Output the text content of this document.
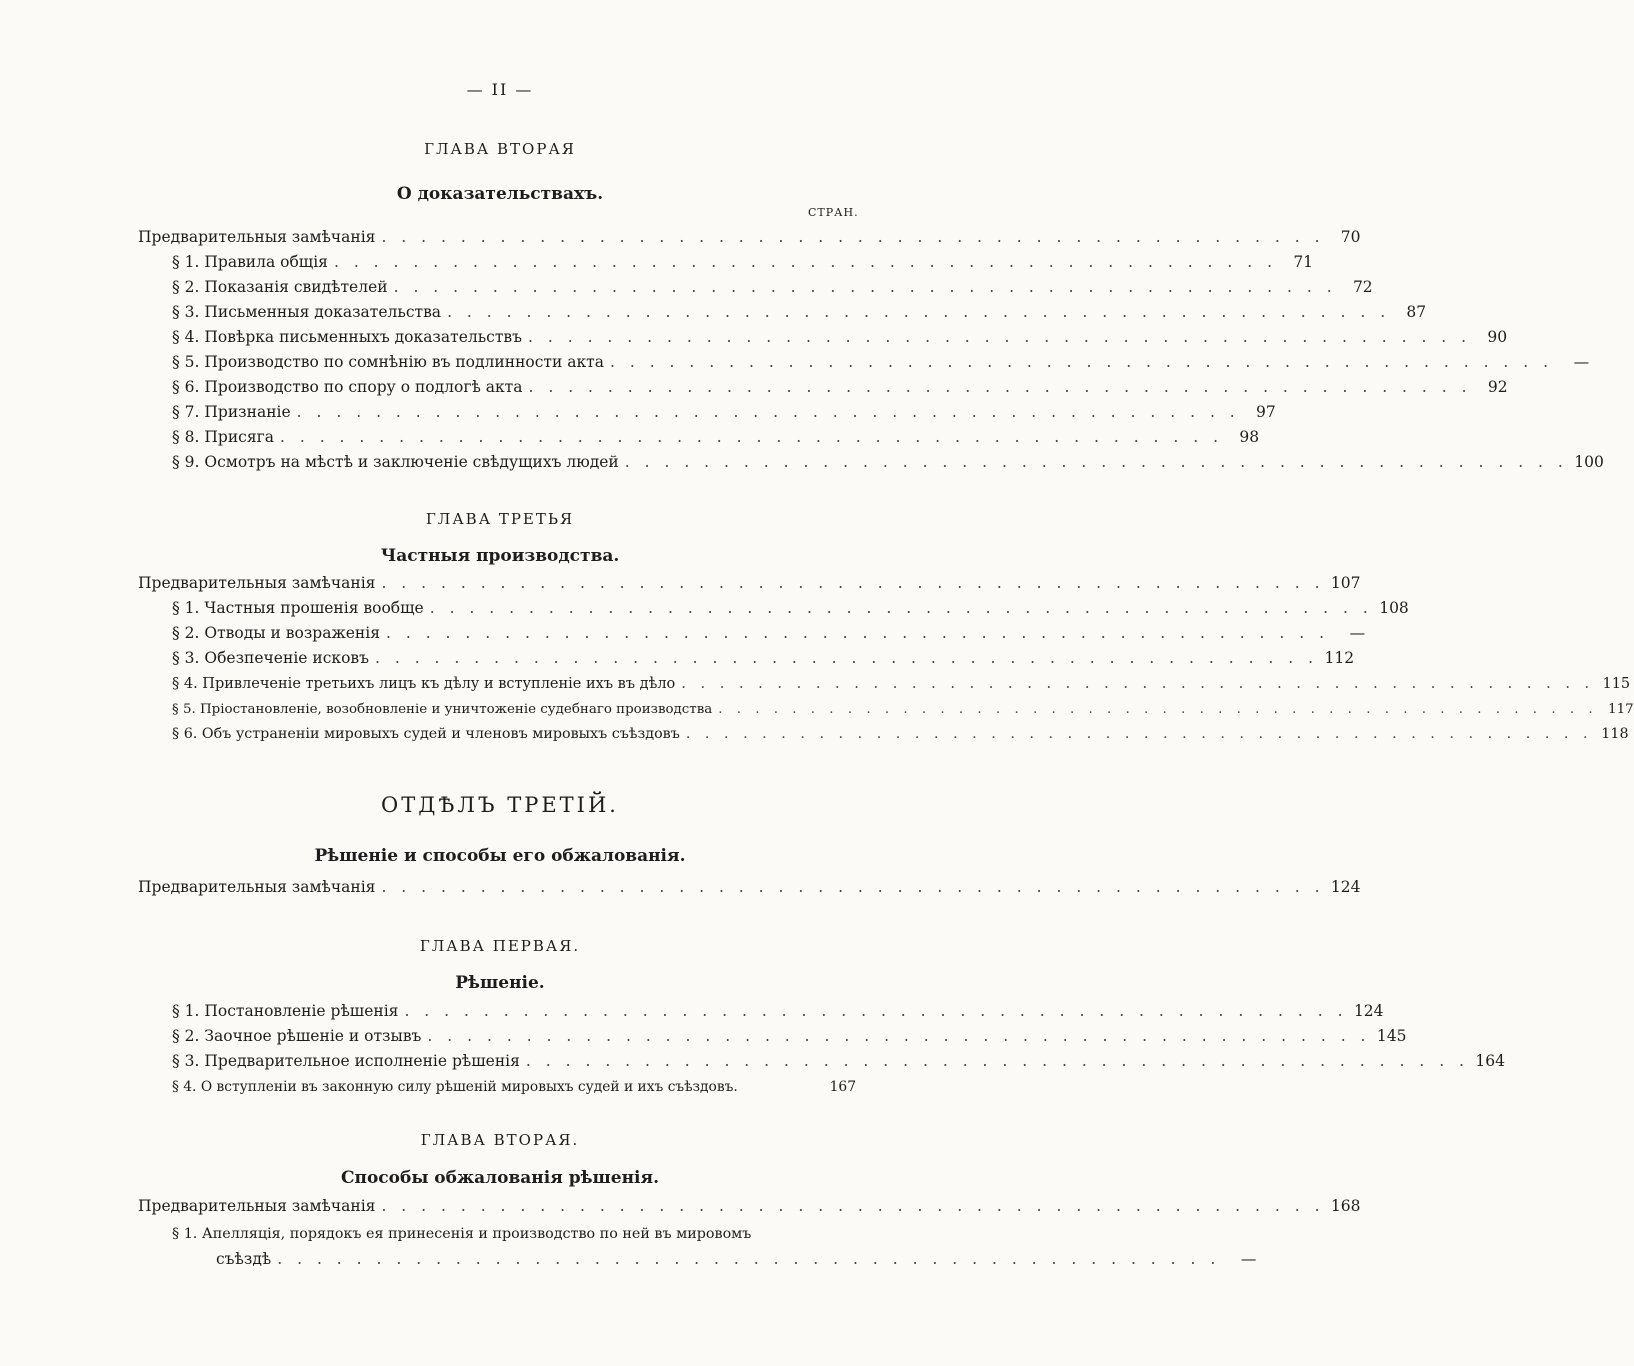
— II —
ГЛАВА ВТОРАЯ
О доказательствахъ.
СТРАН.
Предварительныя замѣчанія . . . . . . . . . . . . . . . . . . . . . . . . . . . . . . . . . . . . . . . . . . . . . . . .	70
§ 1. Правила общія . . . . . . . . . . . . . . . . . . . . . . . . . . . . . . . . . . . . . . . . . . . . . . . .	71
§ 2. Показанія свидѣтелей . . . . . . . . . . . . . . . . . . . . . . . . . . . . . . . . . . . . . . . . . . . . . . . .	72
§ 3. Письменныя доказательства . . . . . . . . . . . . . . . . . . . . . . . . . . . . . . . . . . . . . . . . . . . . . . . .	87
§ 4. Повѣрка письменныхъ доказательствъ . . . . . . . . . . . . . . . . . . . . . . . . . . . . . . . . . . . . . . . . . . . . . . . .	90
§ 5. Производство по сомнѣнію въ подлинности акта . . . . . . . . . . . . . . . . . . . . . . . . . . . . . . . . . . . . . . . . . . . . . . . .	—
§ 6. Производство по спору о подлогѣ акта . . . . . . . . . . . . . . . . . . . . . . . . . . . . . . . . . . . . . . . . . . . . . . . .	92
§ 7. Признаніе . . . . . . . . . . . . . . . . . . . . . . . . . . . . . . . . . . . . . . . . . . . . . . . .	97
§ 8. Присяга . . . . . . . . . . . . . . . . . . . . . . . . . . . . . . . . . . . . . . . . . . . . . . . .	98
§ 9. Осмотръ на мѣстѣ и заключеніе свѣдущихъ людей . . . . . . . . . . . . . . . . . . . . . . . . . . . . . . . . . . . . . . . . . . . . . . . . 100
ГЛАВА ТРЕТЬЯ
Частныя производства.
Предварительныя замѣчанія . . . . . . . . . . . . . . . . . . . . . . . . . . . . . . . . . . . . . . . . . . . . . . . . 107
§ 1. Частныя прошенія вообще . . . . . . . . . . . . . . . . . . . . . . . . . . . . . . . . . . . . . . . . . . . . . . . . 108
§ 2. Отводы и возраженія . . . . . . . . . . . . . . . . . . . . . . . . . . . . . . . . . . . . . . . . . . . . . . . .	—
§ 3. Обезпеченіе исковъ . . . . . . . . . . . . . . . . . . . . . . . . . . . . . . . . . . . . . . . . . . . . . . . . 112
§ 4. Привлеченіе третьихъ лицъ къ дѣлу и вступленіе ихъ въ дѣло . . . . . . . . . . . . . . . . . . . . . . . . . . . . . . . . . . . . . . . . . . . . . . . . 115
§ 5. Пріостановленіе, возобновленіе и уничтоженіе судебнаго производства . . . . . . . . . . . . . . . . . . . . . . . . . . . . . . . . . . . . . . . . . . . . . . . . 117
§ 6. Объ устраненіи мировыхъ судей и членовъ мировыхъ съѣздовъ . . . . . . . . . . . . . . . . . . . . . . . . . . . . . . . . . . . . . . . . . . . . . . . . 118
ОТДѢЛЪ ТРЕТІЙ.
Рѣшеніе и способы его обжалованія.
Предварительныя замѣчанія . . . . . . . . . . . . . . . . . . . . . . . . . . . . . . . . . . . . . . . . . . . . . . . . 124
ГЛАВА ПЕРВАЯ.
Рѣшеніе.
§ 1. Постановленіе рѣшенія . . . . . . . . . . . . . . . . . . . . . . . . . . . . . . . . . . . . . . . . . . . . . . . . 124
§ 2. Заочное рѣшеніе и отзывъ . . . . . . . . . . . . . . . . . . . . . . . . . . . . . . . . . . . . . . . . . . . . . . . . 145
§ 3. Предварительное исполненіе рѣшенія . . . . . . . . . . . . . . . . . . . . . . . . . . . . . . . . . . . . . . . . . . . . . . . . 164
§ 4. О вступленіи въ законную силу рѣшеній мировыхъ судей и ихъ съѣздовъ.	167
ГЛАВА ВТОРАЯ.
Способы обжалованія рѣшенія.
Предварительныя замѣчанія . . . . . . . . . . . . . . . . . . . . . . . . . . . . . . . . . . . . . . . . . . . . . . . . 168
§ 1. Апелляція, порядокъ ея принесенія и производство по ней въ мировомъ
съѣздѣ . . . . . . . . . . . . . . . . . . . . . . . . . . . . . . . . . . . . . . . . . . . . . . . .	—
